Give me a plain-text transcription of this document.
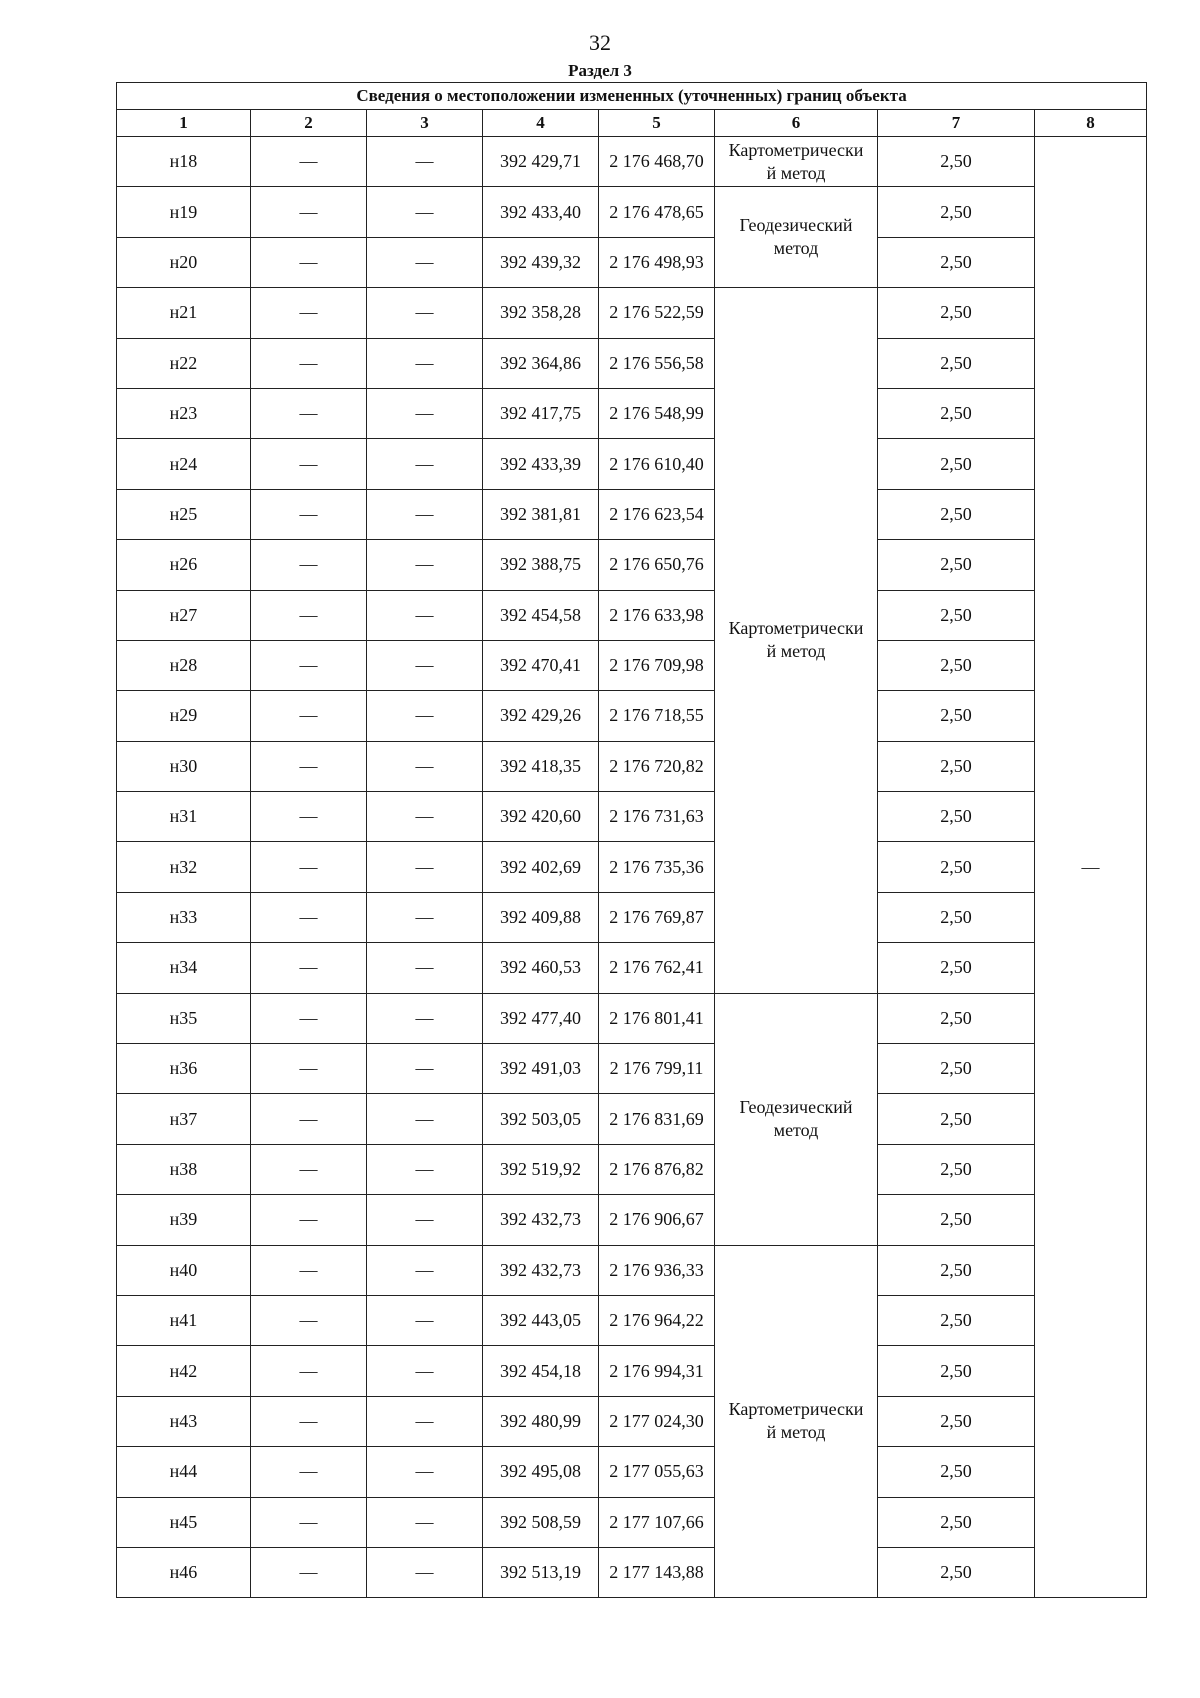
32
Раздел 3
Сведения о местоположении измененных (уточненных) границ объекта							
1	2	3	4	5	6	7	8
н18	—	—	392 429,71	2 176 468,70	Картометрически
й метод	2,50	—
н19	—	—	392 433,40	2 176 478,65	Геодезический
метод	2,50	
н20	—	—	392 439,32	2 176 498,93		2,50	
н21	—	—	392 358,28	2 176 522,59	Картометрически
й метод	2,50	
н22	—	—	392 364,86	2 176 556,58		2,50	
н23	—	—	392 417,75	2 176 548,99		2,50	
н24	—	—	392 433,39	2 176 610,40		2,50	
н25	—	—	392 381,81	2 176 623,54		2,50	
н26	—	—	392 388,75	2 176 650,76		2,50	
н27	—	—	392 454,58	2 176 633,98		2,50	
н28	—	—	392 470,41	2 176 709,98		2,50	
н29	—	—	392 429,26	2 176 718,55		2,50	
н30	—	—	392 418,35	2 176 720,82		2,50	
н31	—	—	392 420,60	2 176 731,63		2,50	
н32	—	—	392 402,69	2 176 735,36		2,50	
н33	—	—	392 409,88	2 176 769,87		2,50	
н34	—	—	392 460,53	2 176 762,41		2,50	
н35	—	—	392 477,40	2 176 801,41	Геодезический
метод	2,50	
н36	—	—	392 491,03	2 176 799,11		2,50	
н37	—	—	392 503,05	2 176 831,69		2,50	
н38	—	—	392 519,92	2 176 876,82		2,50	
н39	—	—	392 432,73	2 176 906,67		2,50	
н40	—	—	392 432,73	2 176 936,33	Картометрически
й метод	2,50	
н41	—	—	392 443,05	2 176 964,22		2,50	
н42	—	—	392 454,18	2 176 994,31		2,50	
н43	—	—	392 480,99	2 177 024,30		2,50	
н44	—	—	392 495,08	2 177 055,63		2,50	
н45	—	—	392 508,59	2 177 107,66		2,50	
н46	—	—	392 513,19	2 177 143,88		2,50	
